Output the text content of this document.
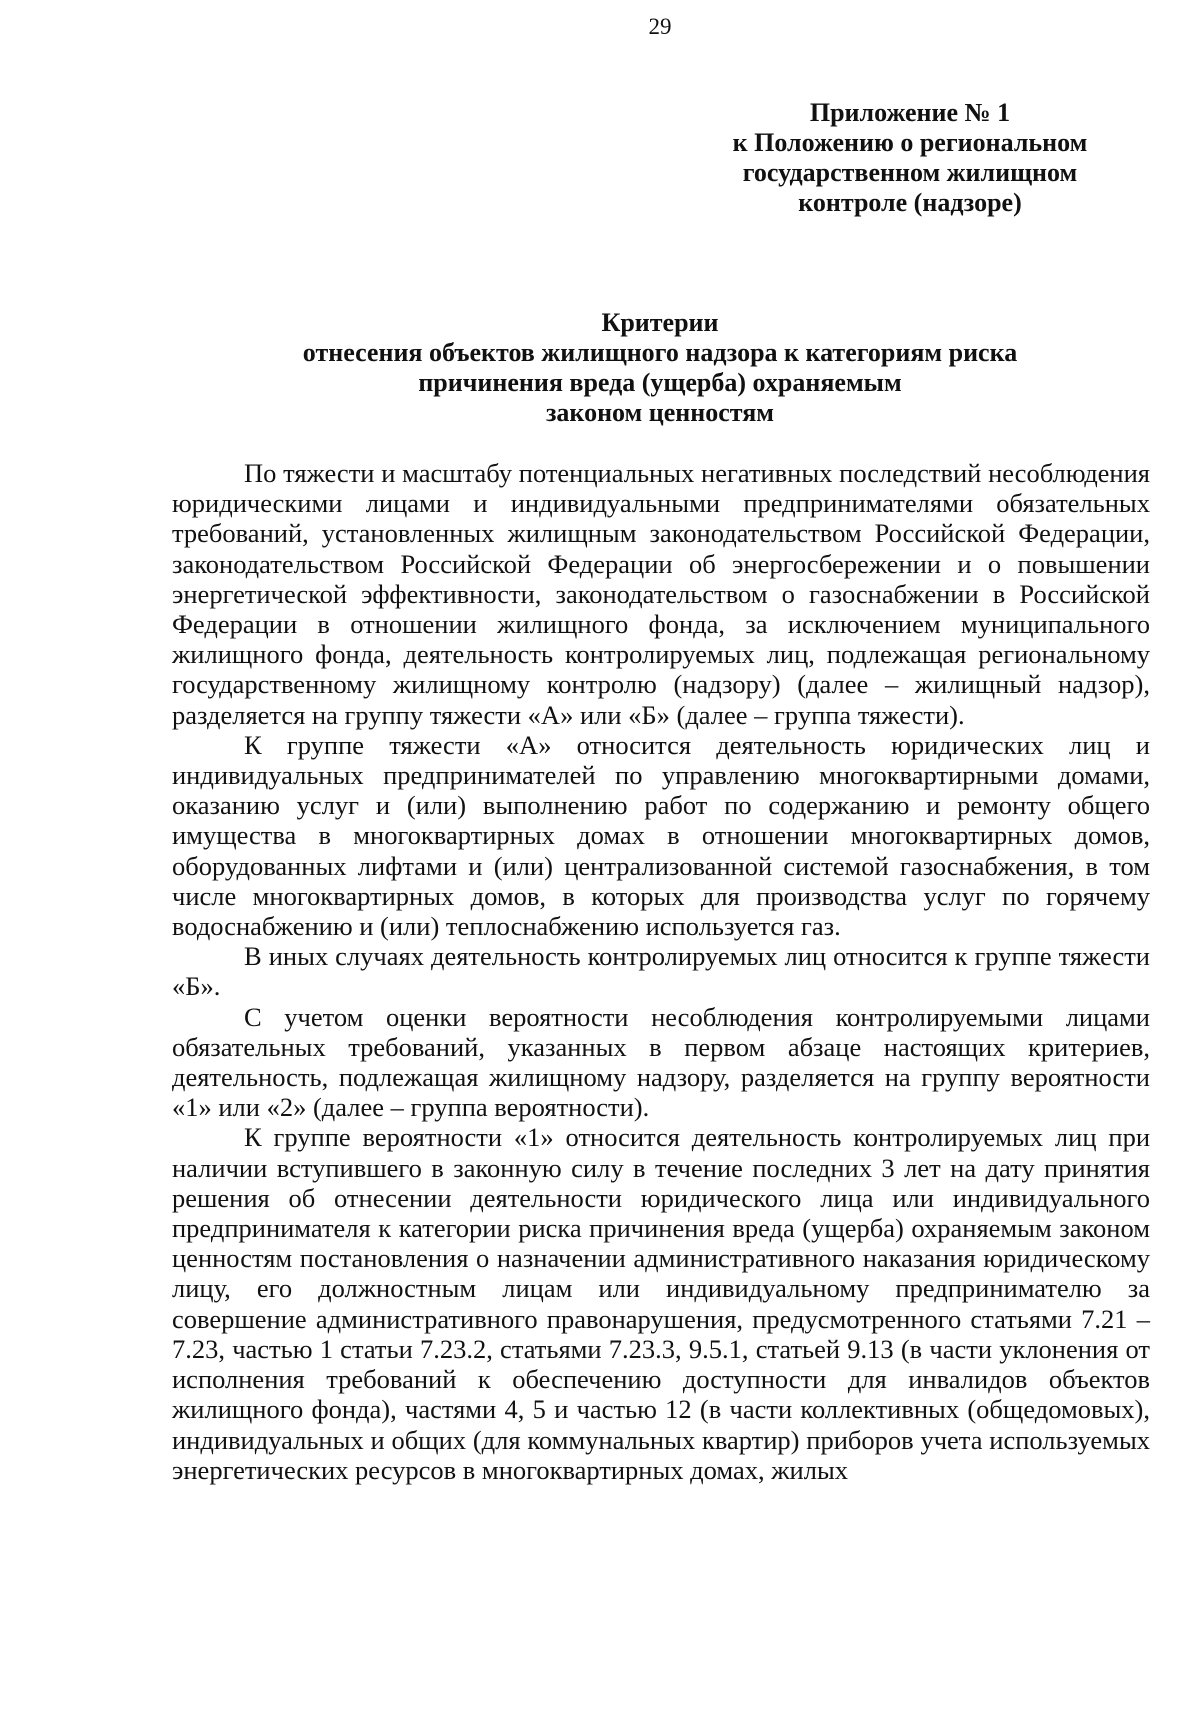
29
Приложение № 1
к Положению о региональном
государственном жилищном
контроле (надзоре)
Критерии
отнесения объектов жилищного надзора к категориям риска
причинения вреда (ущерба) охраняемым
законом ценностям

По тяжести и масштабу потенциальных негативных последствий несоблюдения юридическими лицами и индивидуальными предпринимателями обязательных требований, установленных жилищным законодательством Российской Федерации, законодательством Российской Федерации об энергосбережении и о повышении энергетической эффективности, законодательством о газоснабжении в Российской Федерации в отношении жилищного фонда, за исключением муниципального жилищного фонда, деятельность контролируемых лиц, подлежащая региональному государственному жилищному контролю (надзору) (далее – жилищный надзор), разделяется на группу тяжести «А» или «Б» (далее – группа тяжести).

К группе тяжести «А» относится деятельность юридических лиц и индивидуальных предпринимателей по управлению многоквартирными домами, оказанию услуг и (или) выполнению работ по содержанию и ремонту общего имущества в многоквартирных домах в отношении многоквартирных домов, оборудованных лифтами и (или) централизованной системой газоснабжения, в том числе многоквартирных домов, в которых для производства услуг по горячему водоснабжению и (или) теплоснабжению используется газ.

В иных случаях деятельность контролируемых лиц относится к группе тяжести «Б».

С учетом оценки вероятности несоблюдения контролируемыми лицами обязательных требований, указанных в первом абзаце настоящих критериев, деятельность, подлежащая жилищному надзору, разделяется на группу вероятности «1» или «2» (далее – группа вероятности).

К группе вероятности «1» относится деятельность контролируемых лиц при наличии вступившего в законную силу в течение последних 3 лет на дату принятия решения об отнесении деятельности юридического лица или индивидуального предпринимателя к категории риска причинения вреда (ущерба) охраняемым законом ценностям постановления о назначении административного наказания юридическому лицу, его должностным лицам или индивидуальному предпринимателю за совершение административного правонарушения, предусмотренного статьями 7.21 – 7.23, частью 1 статьи 7.23.2, статьями 7.23.3, 9.5.1, статьей 9.13 (в части уклонения от исполнения требований к обеспечению доступности для инвалидов объектов жилищного фонда), частями 4, 5 и частью 12 (в части коллективных (общедомовых), индивидуальных и общих (для коммунальных квартир) приборов учета используемых энергетических ресурсов в многоквартирных домах, жилых
